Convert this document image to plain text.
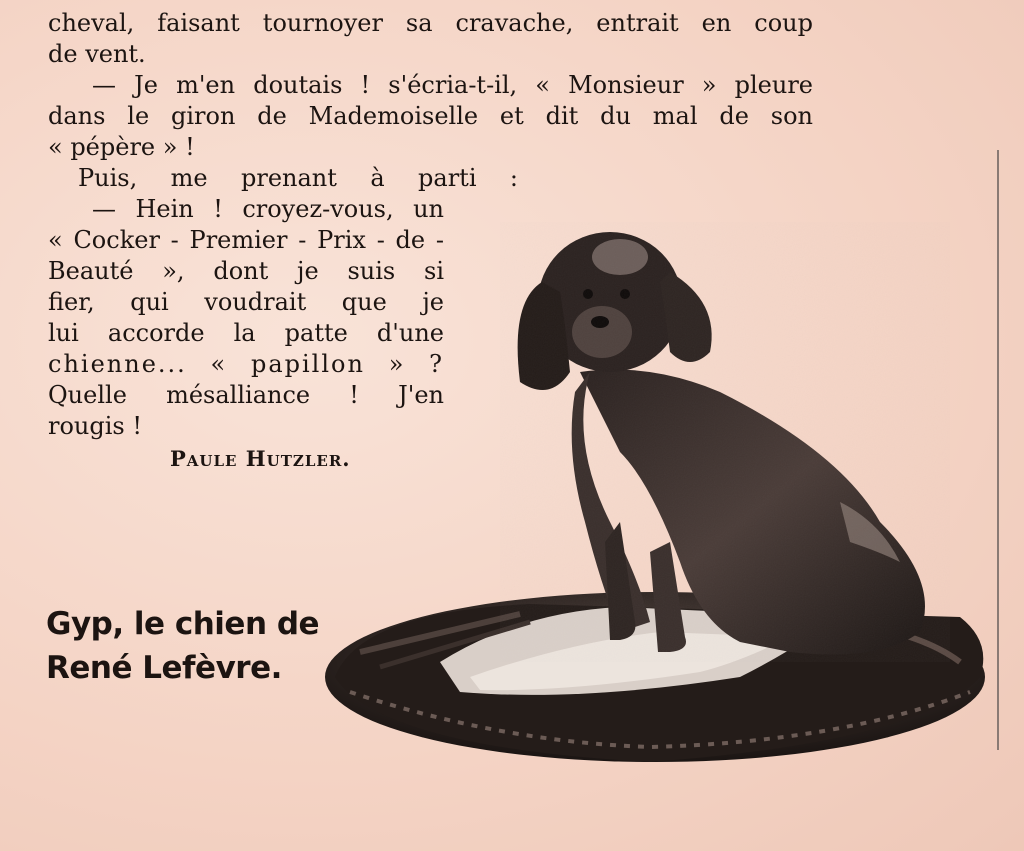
cheval, faisant tournoyer sa cravache, entrait en coup
de vent.
— Je m'en doutais ! s'écria-t-il, « Monsieur » pleure
dans le giron de Mademoiselle et dit du mal de son
« pépère » !
Puis, me prenant à parti :
— Hein ! croyez-vous, un
« Cocker - Premier - Prix - de -
Beauté », dont je suis si
fier, qui voudrait que je
lui accorde la patte d'une
chienne... « papillon » ?
Quelle mésalliance ! J'en
rougis !
Paule Hutzler.
Gyp, le chien de
René Lefèvre.
